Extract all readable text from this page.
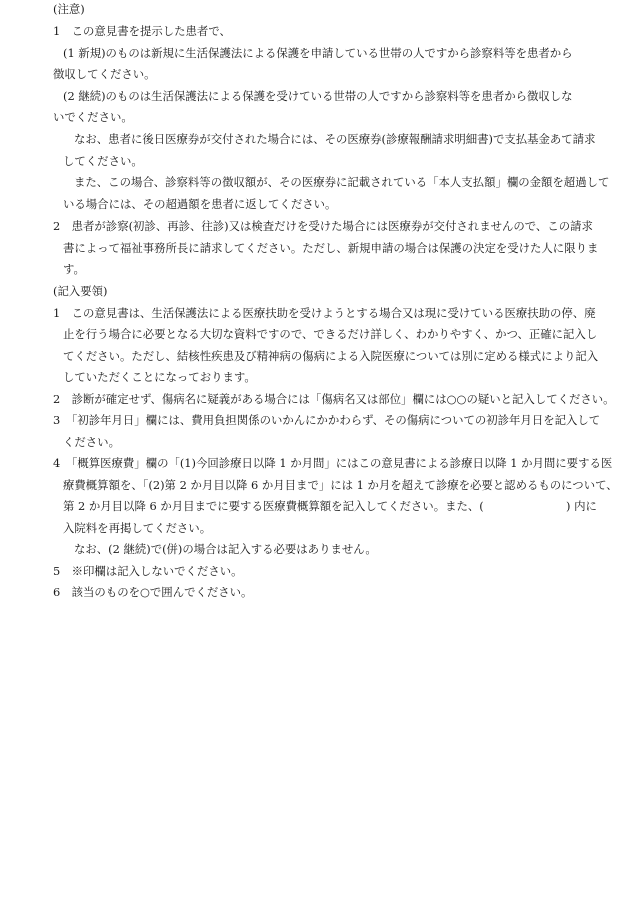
(注意)
1　この意見書を提示した患者で、
(1 新規)のものは新規に生活保護法による保護を申請している世帯の人ですから診察料等を患者から
徴収してください。
(2 継続)のものは生活保護法による保護を受けている世帯の人ですから診察料等を患者から徴収しな
いでください。
なお、患者に後日医療券が交付された場合には、その医療券(診療報酬請求明細書)で支払基金あて請求
してください。
また、この場合、診察料等の徴収額が、その医療券に記載されている「本人支払額」欄の金額を超過して
いる場合には、その超過額を患者に返してください。
2　患者が診察(初診、再診、往診)又は検査だけを受けた場合には医療券が交付されませんので、この請求
書によって福祉事務所長に請求してください。ただし、新規申請の場合は保護の決定を受けた人に限りま
す。
(記入要領)
1　この意見書は、生活保護法による医療扶助を受けようとする場合又は現に受けている医療扶助の停、廃
止を行う場合に必要となる大切な資料ですので、できるだけ詳しく、わかりやすく、かつ、正確に記入し
てください。ただし、結核性疾患及び精神病の傷病による入院医療については別に定める様式により記入
していただくことになっております。
2　診断が確定せず、傷病名に疑義がある場合には「傷病名又は部位」欄には○○の疑いと記入してください。
3　「初診年月日」欄には、費用負担関係のいかんにかかわらず、その傷病についての初診年月日を記入して
ください。
4　「概算医療費」欄の「(1)今回診療日以降 1 か月間」にはこの意見書による診療日以降 1 か月間に要する医
療費概算額を、「(2)第 2 か月目以降 6 か月目まで」には 1 か月を超えて診療を必要と認めるものについて、
第 2 か月目以降 6 か月目までに要する医療費概算額を記入してください。また、(	) 内に
入院料を再掲してください。
なお、(2 継続)で(併)の場合は記入する必要はありません。
5　※印欄は記入しないでください。
6　該当のものを○で囲んでください。
